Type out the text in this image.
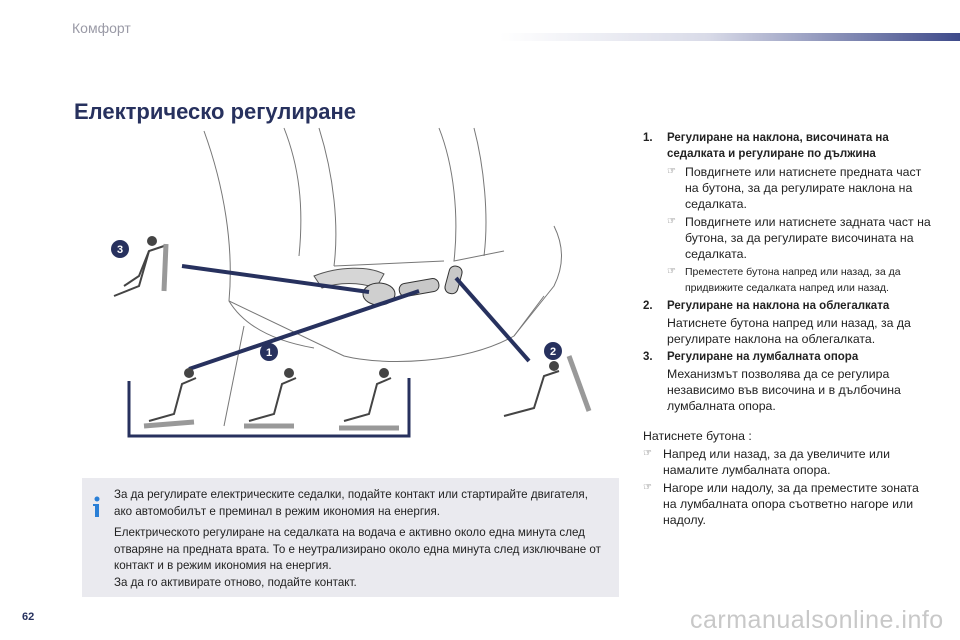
Комфорт
Електрическо регулиране
3
1	2
1. Регулиране на наклона, височината на седалката и регулиране по дължина
☞ Повдигнете или натиснете предната част на бутона, за да регулирате наклона на седалката.
☞ Повдигнете или натиснете задната част на бутона, за да регулирате височината на седалката.
☞ Преместете бутона напред или назад, за да придвижите седалката напред или назад.
2. Регулиране на наклона на облегалката
Натиснете бутона напред или назад, за да регулирате наклона на облегалката.
3. Регулиране на лумбалната опора
Механизмът позволява да се регулира независимо във височина и в дълбочина лумбалната опора.
Натиснете бутона :
☞ Напред или назад, за да увеличите или намалите лумбалната опора.
☞ Нагоре или надолу, за да преместите зоната на лумбалната опора съответно нагоре или надолу.

За да регулирате електрическите седалки, подайте контакт или стартирайте двигателя, ако автомобилът е преминал в режим икономия на енергия.

Електрическото регулиране на седалката на водача е активно около една минута след отваряне на предната врата. То е неутрализирано около една минута след изключване от контакт и в режим икономия на енергия.
За да го активирате отново, подайте контакт.

62	carmanualsonline.info
